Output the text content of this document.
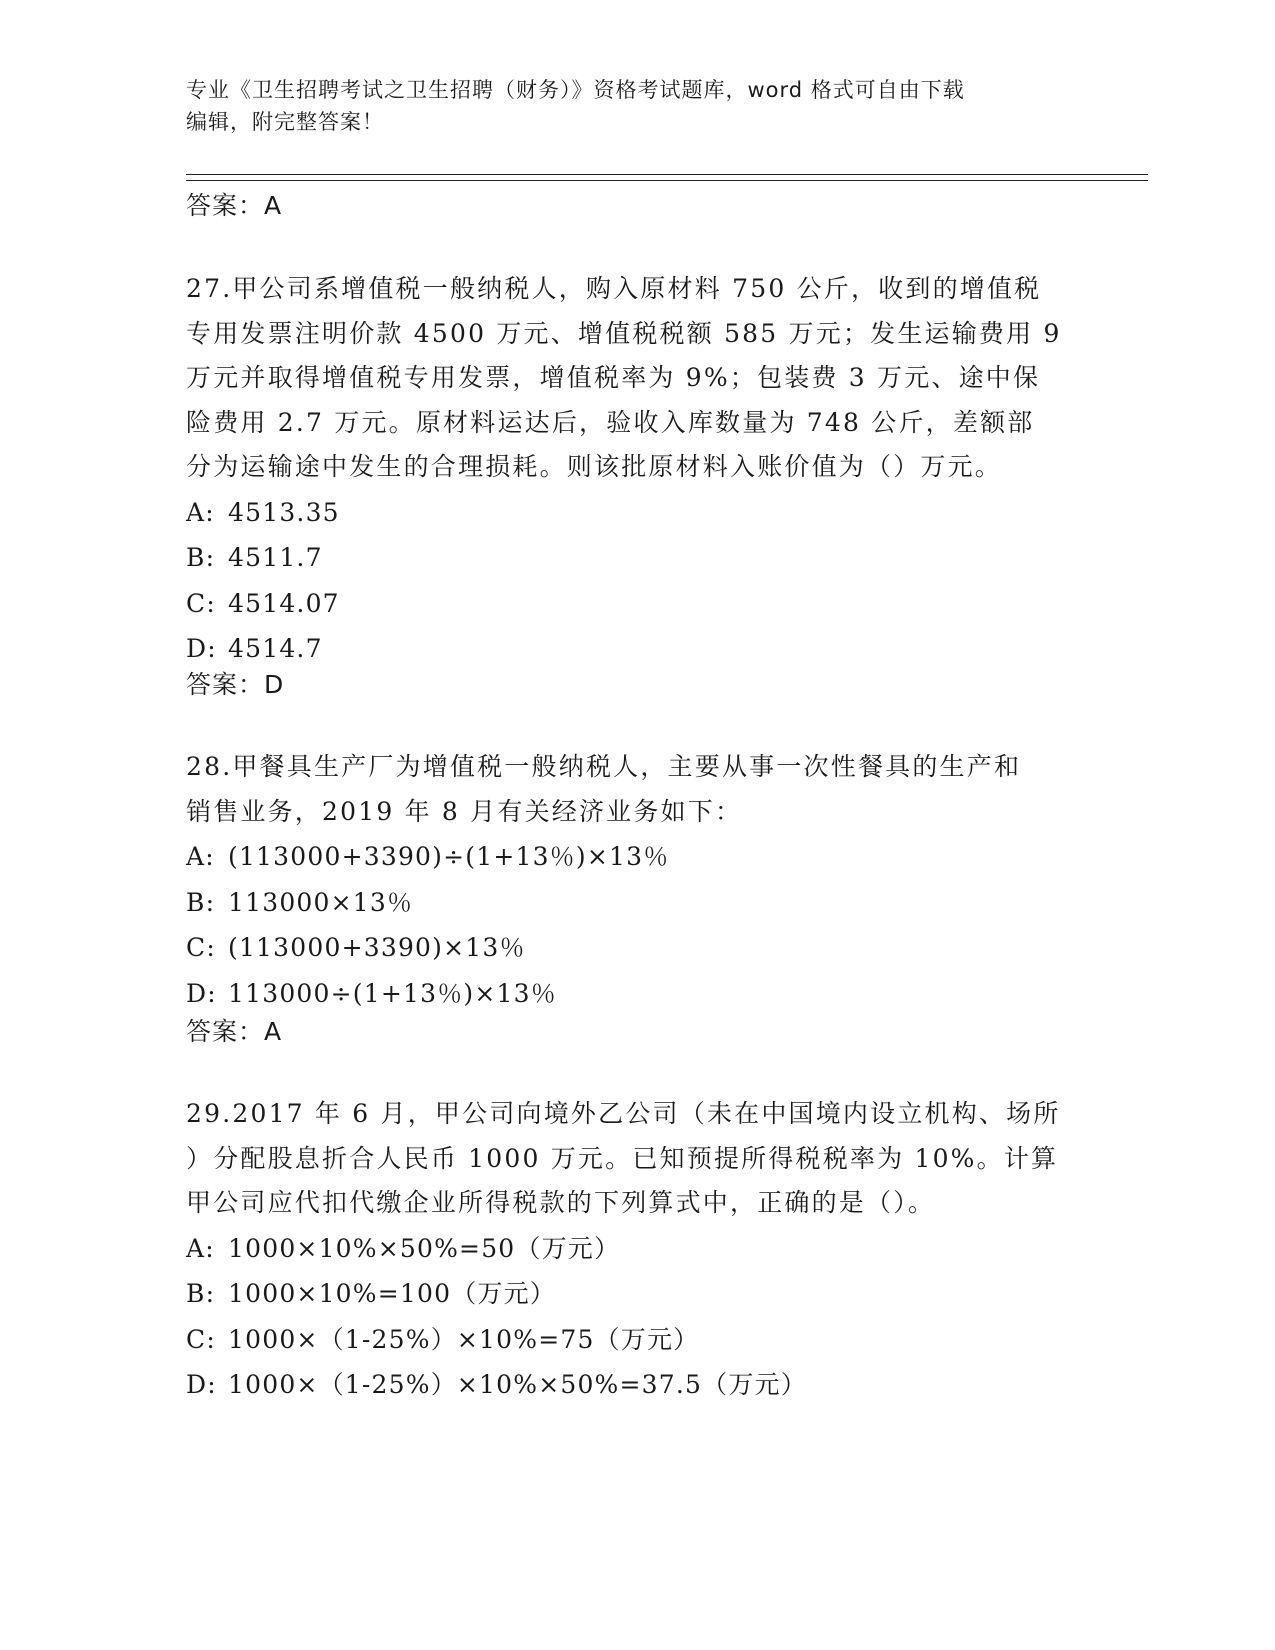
专业《卫生招聘考试之卫生招聘（财务）》资格考试题库，word 格式可自由下载
编辑，附完整答案！

答案：A

27.甲公司系增值税一般纳税人，购入原材料 750 公斤，收到的增值税

专用发票注明价款 4500 万元、增值税税额 585 万元；发生运输费用 9

万元并取得增值税专用发票，增值税率为 9%；包装费 3 万元、途中保

险费用 2.7 万元。原材料运达后，验收入库数量为 748 公斤，差额部

分为运输途中发生的合理损耗。则该批原材料入账价值为（）万元。

A: 4513.35

B: 4511.7

C: 4514.07

D: 4514.7

答案：D

28.甲餐具生产厂为增值税一般纳税人，主要从事一次性餐具的生产和

销售业务，2019 年 8 月有关经济业务如下：

A: (113000+3390)÷(1+13％)×13％

B: 113000×13％

C: (113000+3390)×13％

D: 113000÷(1+13％)×13％

答案：A

29.2017 年 6 月，甲公司向境外乙公司（未在中国境内设立机构、场所

）分配股息折合人民币 1000 万元。已知预提所得税税率为 10%。计算

甲公司应代扣代缴企业所得税款的下列算式中，正确的是（）。

A: 1000×10%×50%=50（万元）

B: 1000×10%=100（万元）

C: 1000×（1-25%）×10%=75（万元）

D: 1000×（1-25%）×10%×50%=37.5（万元）
